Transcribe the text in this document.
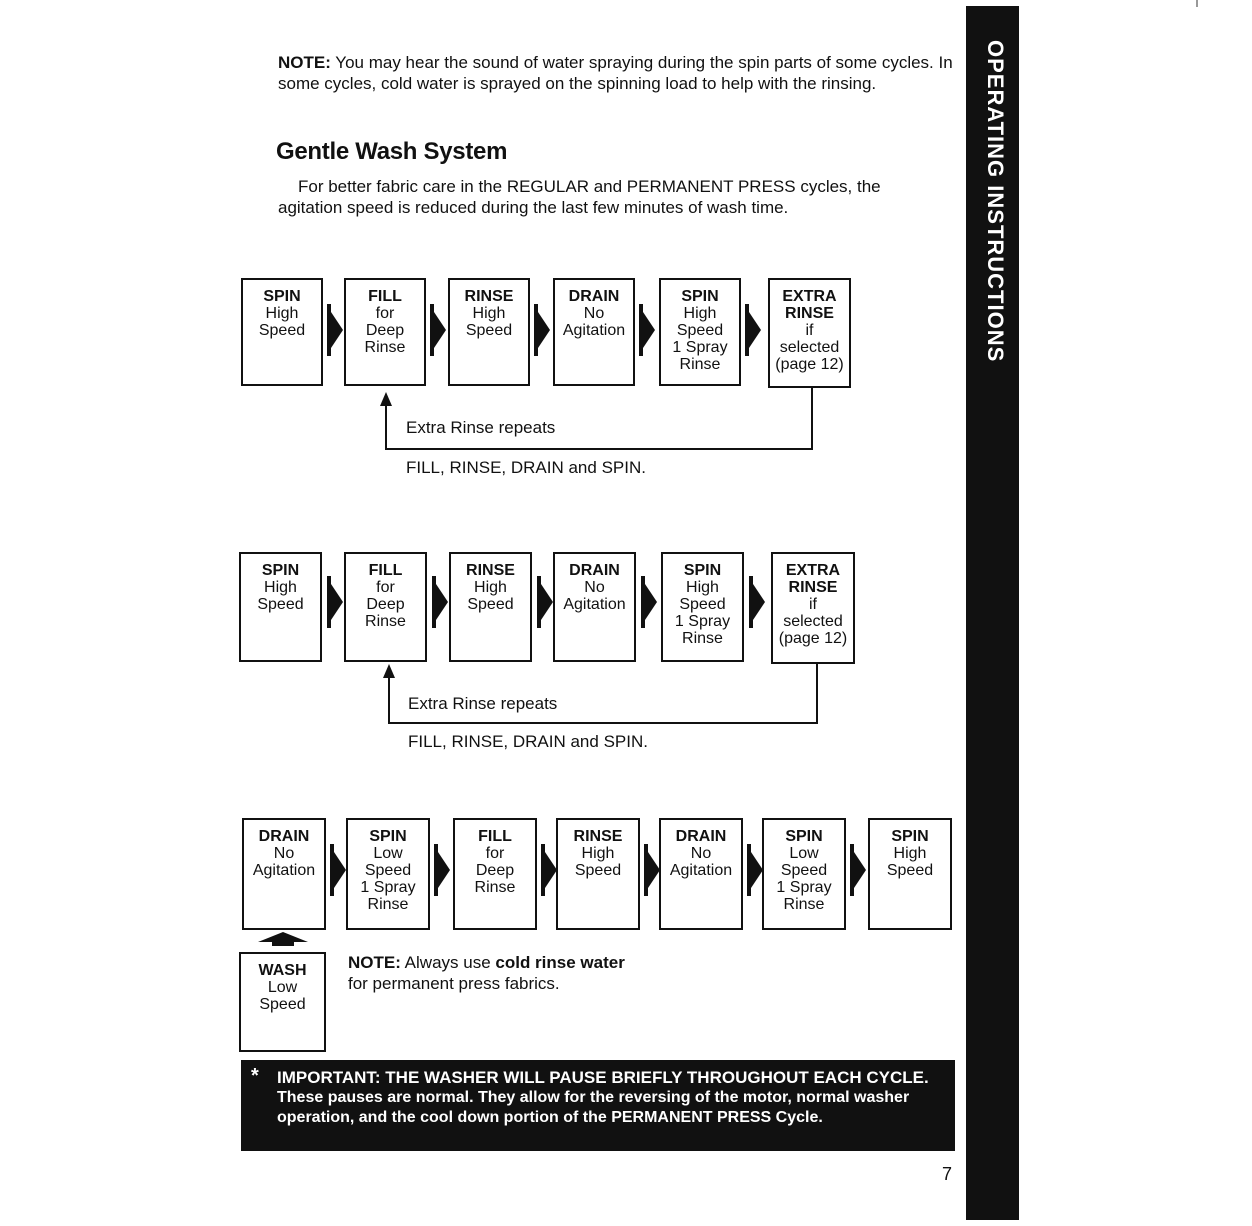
OPERATING INSTRUCTIONS
NOTE: You may hear the sound of water spraying during the spin parts of some cycles. In some cycles, cold water is sprayed on the spinning load to help with the rinsing.
Gentle Wash System
For better fabric care in the REGULAR and PERMANENT PRESS cycles, the agitation speed is reduced during the last few minutes of wash time.
Extra Rinse repeats
FILL, RINSE, DRAIN and SPIN.
Extra Rinse repeats
FILL, RINSE, DRAIN and SPIN.
NOTE: Always use cold rinse water
for permanent press fabrics.
* IMPORTANT: THE WASHER WILL PAUSE BRIEFLY THROUGHOUT EACH CYCLE.
These pauses are normal. They allow for the reversing of the motor, normal washer operation, and the cool down portion of the PERMANENT PRESS Cycle.
7
SPIN
High
Speed
FILL
for
Deep
Rinse
RINSE
High
Speed
DRAIN
No
Agitation
SPIN
High
Speed
1 Spray
Rinse
EXTRA
RINSE
if
selected
(page 12)
SPIN
High
Speed
FILL
for
Deep
Rinse
RINSE
High
Speed
DRAIN
No
Agitation
SPIN
High
Speed
1 Spray
Rinse
EXTRA
RINSE
if
selected
(page 12)
DRAIN
No
Agitation
SPIN
Low
Speed
1 Spray
Rinse
FILL
for
Deep
Rinse
RINSE
High
Speed
DRAIN
No
Agitation
SPIN
Low
Speed
1 Spray
Rinse
SPIN
High
Speed
WASH
Low
Speed
